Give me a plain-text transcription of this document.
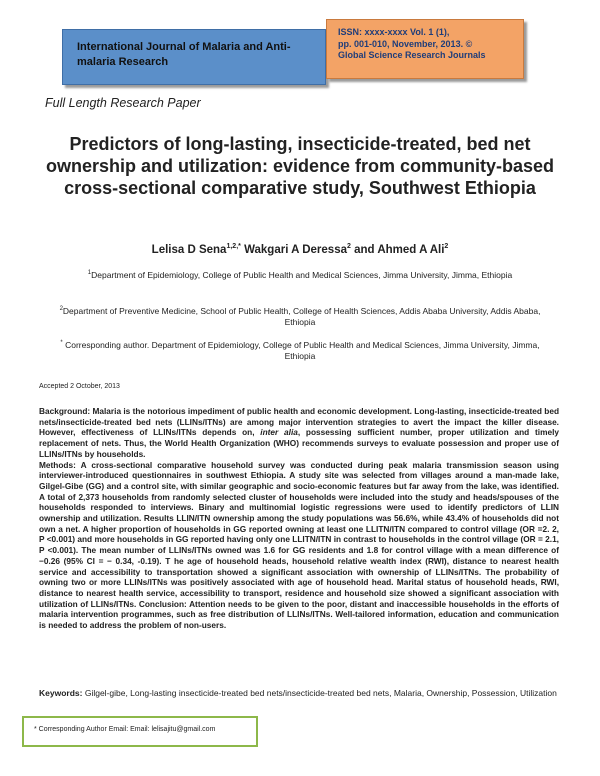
International Journal of Malaria and Anti-malaria Research
ISSN: xxxx-xxxx Vol. 1 (1),
pp. 001-010, November, 2013. ©
Global Science Research Journals
Full Length Research Paper
Predictors of long-lasting, insecticide-treated, bed net ownership and utilization: evidence from community-based cross-sectional comparative study, Southwest Ethiopia
Lelisa D Sena$^{1,2,*}$ Wakgari A Deressa$^2$ and Ahmed A Ali$^2$
$^1$Department of Epidemiology, College of Public Health and Medical Sciences, Jimma University, Jimma, Ethiopia
$^2$Department of Preventive Medicine, School of Public Health, College of Health Sciences, Addis Ababa University, Addis Ababa, Ethiopia
* Corresponding author. Department of Epidemiology, College of Public Health and Medical Sciences, Jimma University, Jimma, Ethiopia
Accepted 2 October, 2013
Background: Malaria is the notorious impediment of public health and economic development. Long-lasting, insecticide-treated bed nets/insecticide-treated bed nets (LLINs/ITNs) are among major intervention strategies to avert the impact the killer disease. However, effectiveness of LLINs/ITNs depends on, inter alia, possessing sufficient number, proper utilization and timely replacement of nets. Thus, the World Health Organization (WHO) recommends surveys to evaluate possession and proper use of LLINs/ITNs by households.
Methods: A cross-sectional comparative household survey was conducted during peak malaria transmission season using interviewer-introduced questionnaires in southwest Ethiopia. A study site was selected from villages around a man-made lake, Gilgel-Gibe (GG) and a control site, with similar geographic and socio-economic features but far away from the lake, was identified. A total of 2,373 households from randomly selected cluster of households were included into the study and heads/spouses of the households responded to interviews. Binary and multinomial logistic regressions were used to identify predictors of LLIN ownership and utilization. Results LLIN/ITN ownership among the study populations was 56.6%, while 43.4% of households did not own a net. A higher proportion of households in GG reported owning at least one LLITN/ITN compared to control village (OR =2. 2, P <0.001) and more households in GG reported having only one LLITN/ITN in contrast to households in the control village (OR = 2.1, P <0.001). The mean number of LLINs/ITNs owned was 1.6 for GG residents and 1.8 for control village with a mean difference of −0.26 (95% CI = − 0.34, -0.19). T he age of household heads, household relative wealth index (RWI), distance to nearest health service and accessibility to transportation showed a significant association with ownership of LLINs/ITNs. The probability of owning two or more LLINs/ITNs was positively associated with age of household head. Marital status of household heads, RWI, distance to nearest health service, accessibility to transport, residence and household size showed a significant association with utilization of LLINs/ITNs. Conclusion: Attention needs to be given to the poor, distant and inaccessible households in the efforts of malaria intervention programmes, such as free distribution of LLINs/ITNs. Well-tailored information, education and communication is needed to address the problem of non-users.
Keywords: Gilgel-gibe, Long-lasting insecticide-treated bed nets/insecticide-treated bed nets, Malaria, Ownership, Possession, Utilization
* Corresponding Author Email: Email: lelisajitu@gmail.com
